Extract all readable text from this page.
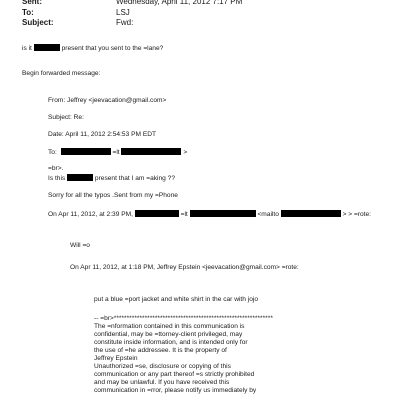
Sent:	Wednesday, April 11, 2012 7:17 PM
To:	LSJ
Subject:	Fwd:
is it	present that you sent to the =lane?
Begin forwarded message:
From: Jeffrey <jeevacation@gmail.com>
Subject: Re:
Date: April 11, 2012 2:54:53 PM EDT
To:	=lt	>
=br>.
Is this	present that I am =aking ??
Sorry for all the typos .Sent from my =Phone
On Apr 11, 2012, at 2:39 PM,	=lt	<mailto	> > =rote:
Will =o
On Apr 11, 2012, at 1:18 PM, Jeffrey Epstein <jeevacation@gmail.com> =rote:
put a blue =port jacket and white shirt in the car with jojo
-- =br>**************************************************************
The =nformation contained in this communication is
confidential, may be =ttorney-client privileged, may
constitute inside information, and is intended only for
the use of =he addressee. It is the property of
Jeffrey Epstein
Unauthorized =se, disclosure or copying of this
communication or any part thereof =s strictly prohibited
and may be unlawful. If you have received this
communication in =rror, please notify us immediately by
